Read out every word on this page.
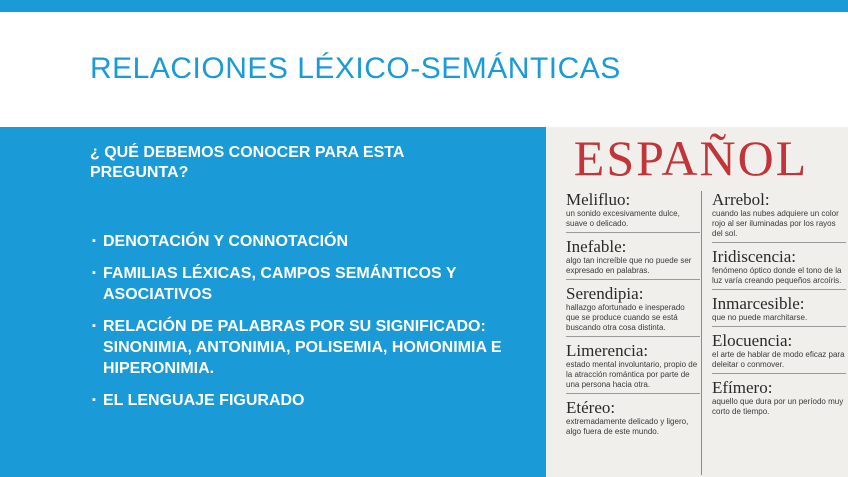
RELACIONES LÉXICO-SEMÁNTICAS
¿ QUÉ DEBEMOS CONOCER PARA ESTA PREGUNTA?
▪ DENOTACIÓN Y CONNOTACIÓN
▪ FAMILIAS LÉXICAS, CAMPOS SEMÁNTICOS Y ASOCIATIVOS
▪ RELACIÓN DE PALABRAS POR SU SIGNIFICADO: SINONIMIA, ANTONIMIA, POLISEMIA, HOMONIMIA E HIPERONIMIA.
▪ EL LENGUAJE FIGURADO
ESPAÑOL
Melifluo:
un sonido excesivamente dulce, suave o delicado.
Inefable:
algo tan increíble que no puede ser expresado en palabras.
Serendipia:
hallazgo afortunado e inesperado que se produce cuando se está buscando otra cosa distinta.
Limerencia:
estado mental involuntario, propio de la atracción romántica por parte de una persona hacia otra.
Etéreo:
extremadamente delicado y ligero, algo fuera de este mundo.
Arrebol:
cuando las nubes adquiere un color rojo al ser iluminadas por los rayos del sol.
Iridiscencia:
fenómeno óptico donde el tono de la luz varía creando pequeños arcoíris.
Inmarcesible:
que no puede marchitarse.
Elocuencia:
el arte de hablar de modo eficaz para deleitar o conmover.
Efímero:
aquello que dura por un período muy corto de tiempo.
